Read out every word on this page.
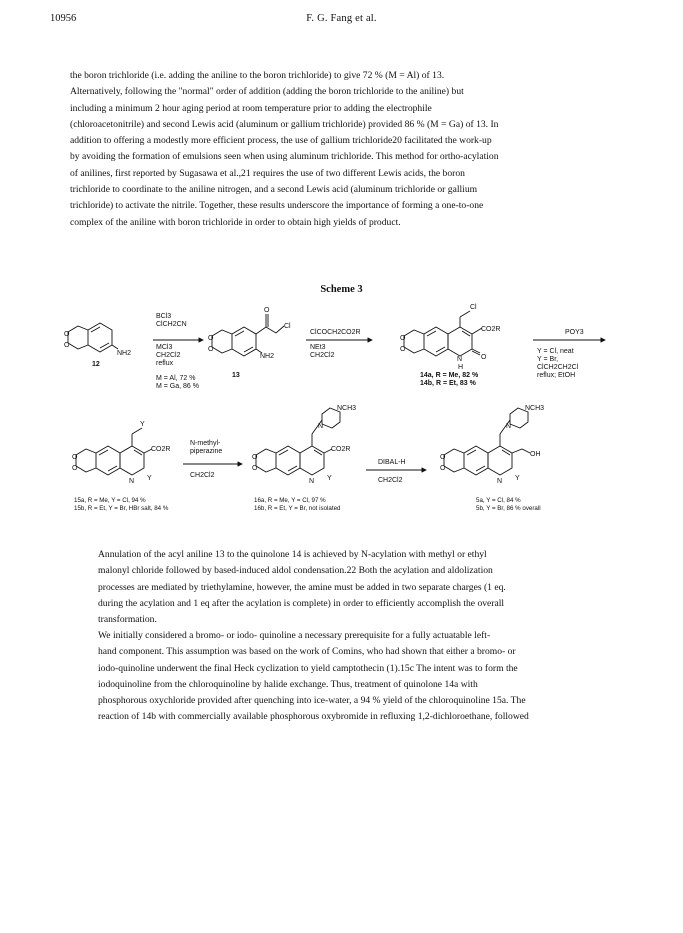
10956	F. G. Fang et al.
the boron trichloride (i.e. adding the aniline to the boron trichloride) to give 72 % (M = Al) of 13.
Alternatively, following the "normal" order of addition (adding the boron trichloride to the aniline) but
including a minimum 2 hour aging period at room temperature prior to adding the electrophile
(chloroacetonitrile) and second Lewis acid (aluminum or gallium trichloride) provided 86 % (M = Ga) of 13. In
addition to offering a modestly more efficient process, the use of gallium trichloride20 facilitated the work-up
by avoiding the formation of emulsions seen when using aluminum trichloride. This method for ortho-acylation
of anilines, first reported by Sugasawa et al.,21 requires the use of two different Lewis acids, the boron
trichloride to coordinate to the aniline nitrogen, and a second Lewis acid (aluminum trichloride or gallium
trichloride) to activate the nitrile. Together, these results underscore the importance of forming a one-to-one
complex of the aniline with boron trichloride in order to obtain high yields of product.
Scheme 3
O
O
NH2
O
O
O
Cl
NH2
O
O
Cl
CO2R
N
H
O
O
O
Y
CO2R
N Y
O
O
N
NCH3
CO2R
N Y
O
O
N
NCH3
OH
N Y
BCl3
ClCH2CN
MCl3
CH2Cl2
reflux
M = Al, 72 %
M = Ga, 86 %
ClCOCH2CO2R
NEt3
CH2Cl2
POY3
Y = Cl, neat
Y = Br,
ClCH2CH2Cl
reflux; EtOH
N-methyl-
piperazine
CH2Cl2
DIBAL-H
CH2Cl2
12
13	14a, R = Me, 82 %
14b, R = Et, 83 %
15a, R = Me, Y = Cl, 94 %
15b, R = Et, Y = Br, HBr salt, 84 %
16a, R = Me, Y = Cl, 97 %
16b, R = Et, Y = Br, not isolated
5a, Y = Cl, 84 %
5b, Y = Br, 86 % overall
Annulation of the acyl aniline 13 to the quinolone 14 is achieved by N-acylation with methyl or ethyl
malonyl chloride followed by based-induced aldol condensation.22 Both the acylation and aldolization
processes are mediated by triethylamine, however, the amine must be added in two separate charges (1 eq.
during the acylation and 1 eq after the acylation is complete) in order to efficiently accomplish the overall
transformation.
We initially considered a bromo- or iodo- quinoline a necessary prerequisite for a fully actuatable left-
hand component. This assumption was based on the work of Comins, who had shown that either a bromo- or
iodo-quinoline underwent the final Heck cyclization to yield camptothecin (1).15c The intent was to form the
iodoquinoline from the chloroquinoline by halide exchange. Thus, treatment of quinolone 14a with
phosphorous oxychloride provided after quenching into ice-water, a 94 % yield of the chloroquinoline 15a. The
reaction of 14b with commercially available phosphorous oxybromide in refluxing 1,2-dichloroethane, followed
